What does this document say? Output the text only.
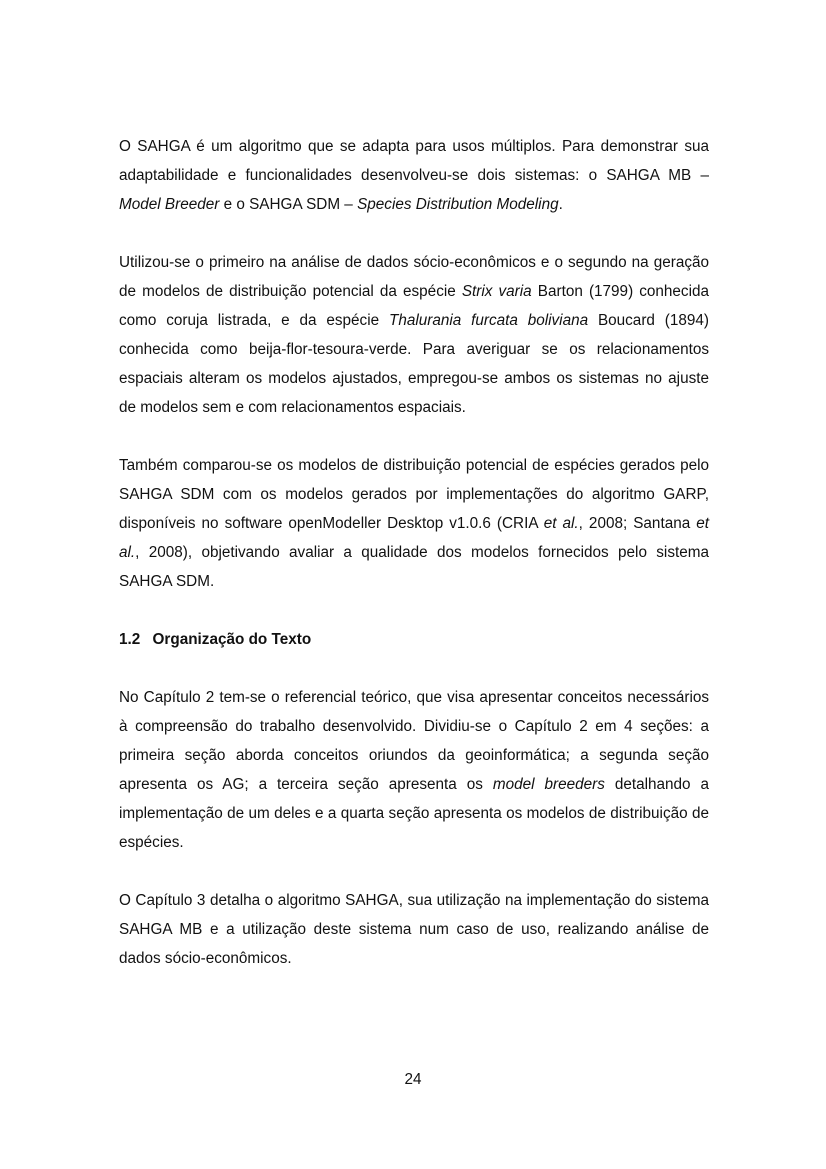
O SAHGA é um algoritmo que se adapta para usos múltiplos. Para demonstrar sua adaptabilidade e funcionalidades desenvolveu-se dois sistemas: o SAHGA MB – Model Breeder e o SAHGA SDM – Species Distribution Modeling.

Utilizou-se o primeiro na análise de dados sócio-econômicos e o segundo na geração de modelos de distribuição potencial da espécie Strix varia Barton (1799) conhecida como coruja listrada, e da espécie Thalurania furcata boliviana Boucard (1894) conhecida como beija-flor-tesoura-verde. Para averiguar se os relacionamentos espaciais alteram os modelos ajustados, empregou-se ambos os sistemas no ajuste de modelos sem e com relacionamentos espaciais.

Também comparou-se os modelos de distribuição potencial de espécies gerados pelo SAHGA SDM com os modelos gerados por implementações do algoritmo GARP, disponíveis no software openModeller Desktop v1.0.6 (CRIA et al., 2008; Santana et al., 2008), objetivando avaliar a qualidade dos modelos fornecidos pelo sistema SAHGA SDM.

1.2 Organização do Texto

No Capítulo 2 tem-se o referencial teórico, que visa apresentar conceitos necessários à compreensão do trabalho desenvolvido. Dividiu-se o Capítulo 2 em 4 seções: a primeira seção aborda conceitos oriundos da geoinformática; a segunda seção apresenta os AG; a terceira seção apresenta os model breeders detalhando a implementação de um deles e a quarta seção apresenta os modelos de distribuição de espécies.

O Capítulo 3 detalha o algoritmo SAHGA, sua utilização na implementação do sistema SAHGA MB e a utilização deste sistema num caso de uso, realizando análise de dados sócio-econômicos.

24
